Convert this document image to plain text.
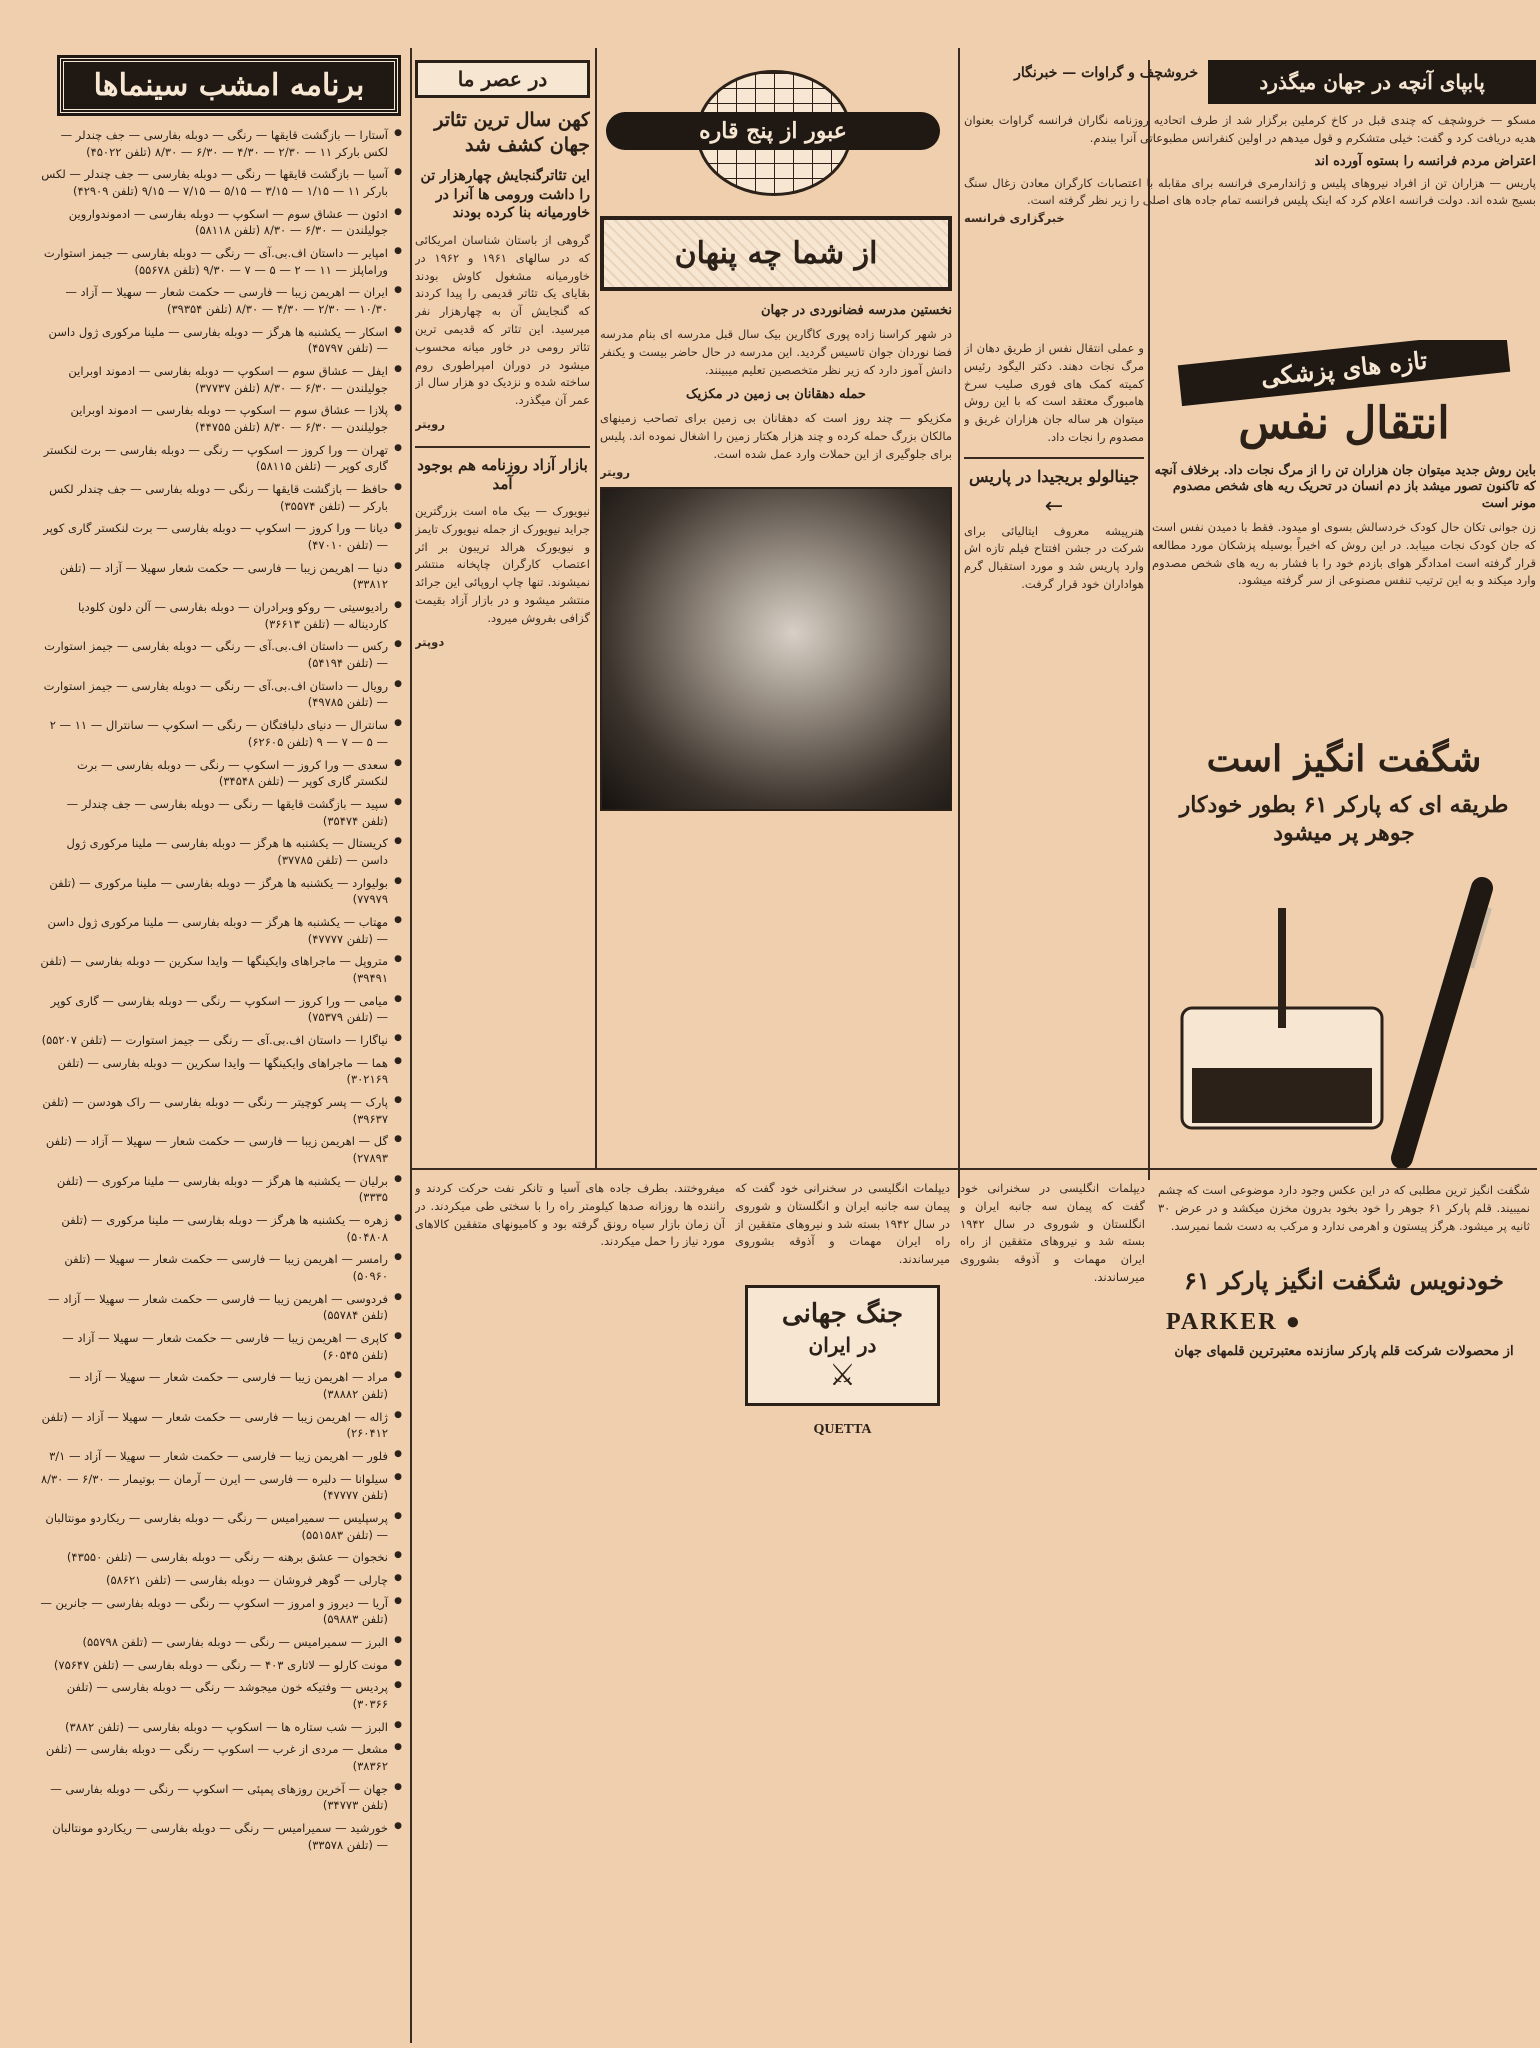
برنامه امشب سینماها
● آستارا — بازگشت قایقها — رنگی — دوبله بفارسی — جف چندلر — لکس بارکر ۱۱ — ۲/۳۰ — ۴/۳۰ — ۶/۳۰ — ۸/۳۰ (تلفن ۴۵۰۲۲)
● آسیا — بازگشت قایقها — رنگی — دوبله بفارسی — جف چندلر — لکس بارکر ۱۱ — ۱/۱۵ — ۳/۱۵ — ۵/۱۵ — ۷/۱۵ — ۹/۱۵ (تلفن ۴۲۹۰۹)
● ادئون — عشاق سوم — اسکوپ — دوبله بفارسی — ادموندواروین جولیلندن — ۶/۳۰ — ۸/۳۰ (تلفن ۵۸۱۱۸)
● امپایر — داستان اف.بی.آی — رنگی — دوبله بفارسی — جیمز استوارت وراماپلز — ۱۱ — ۲ — ۵ — ۷ — ۹/۳۰ (تلفن ۵۵۶۷۸)
● ایران — اهریمن زیبا — فارسی — حکمت شعار — سهیلا — آزاد — ۱۰/۳۰ — ۲/۳۰ — ۴/۳۰ — ۸/۳۰ (تلفن ۳۹۳۵۴)
● اسکار — یکشنبه ها هرگز — دوبله بفارسی — ملینا مرکوری ژول داسن — (تلفن ۴۵۷۹۷)
● ایفل — عشاق سوم — اسکوپ — دوبله بفارسی — ادموند اوبراین جولیلندن — ۶/۳۰ — ۸/۳۰ (تلفن ۳۷۷۳۷)
● پلازا — عشاق سوم — اسکوپ — دوبله بفارسی — ادموند اوبراین جولیلندن — ۶/۳۰ — ۸/۳۰ (تلفن ۴۴۷۵۵)
● تهران — ورا کروز — اسکوپ — رنگی — دوبله بفارسی — برت لنکستر گاری کوپر — (تلفن ۵۸۱۱۵)
● حافظ — بازگشت قایقها — رنگی — دوبله بفارسی — جف چندلر لکس بارکر — (تلفن ۳۵۵۷۴)
● دیانا — ورا کروز — اسکوپ — دوبله بفارسی — برت لنکستر گاری کوپر — (تلفن ۴۷۰۱۰)
● دنیا — اهریمن زیبا — فارسی — حکمت شعار سهیلا — آزاد — (تلفن ۳۳۸۱۲)
● رادیوسیتی — روکو وبرادران — دوبله بفارسی — آلن دلون کلودیا کاردیناله — (تلفن ۳۶۶۱۳)
● رکس — داستان اف.بی.آی — رنگی — دوبله بفارسی — جیمز استوارت — (تلفن ۵۴۱۹۴)
● رویال — داستان اف.بی.آی — رنگی — دوبله بفارسی — جیمز استوارت — (تلفن ۴۹۷۸۵)
● سانترال — دنیای دلبافتگان — رنگی — اسکوپ — سانترال — ۱۱ — ۲ — ۵ — ۷ — ۹ (تلفن ۶۲۶۰۵)
● سعدی — ورا کروز — اسکوپ — رنگی — دوبله بفارسی — برت لنکستر گاری کوپر — (تلفن ۳۴۵۴۸)
● سپید — بازگشت قایقها — رنگی — دوبله بفارسی — جف چندلر — (تلفن ۳۵۴۷۴)
● کریستال — یکشنبه ها هرگز — دوبله بفارسی — ملینا مرکوری ژول داسن — (تلفن ۳۷۷۸۵)
● بولیوارد — یکشنبه ها هرگز — دوبله بفارسی — ملینا مرکوری — (تلفن ۷۷۹۷۹)
● مهتاب — یکشنبه ها هرگز — دوبله بفارسی — ملینا مرکوری ژول داسن — (تلفن ۴۷۷۷۷)
● متروپل — ماجراهای وایکینگها — وایدا سکرین — دوبله بفارسی — (تلفن ۳۹۴۹۱)
● میامی — ورا کروز — اسکوپ — رنگی — دوبله بفارسی — گاری کوپر — (تلفن ۷۵۳۷۹)
● نیاگارا — داستان اف.بی.آی — رنگی — جیمز استوارت — (تلفن ۵۵۲۰۷)
● هما — ماجراهای وایکینگها — وایدا سکرین — دوبله بفارسی — (تلفن ۳۰۲۱۶۹)
● پارک — پسر کوچیتر — رنگی — دوبله بفارسی — راک هودسن — (تلفن ۳۹۶۳۷)
● گل — اهریمن زیبا — فارسی — حکمت شعار — سهیلا — آزاد — (تلفن ۲۷۸۹۳)
● برلیان — یکشنبه ها هرگز — دوبله بفارسی — ملینا مرکوری — (تلفن ۳۳۳۵)
● زهره — یکشنبه ها هرگز — دوبله بفارسی — ملینا مرکوری — (تلفن ۵۰۴۸۰۸)
● رامسر — اهریمن زیبا — فارسی — حکمت شعار — سهیلا — (تلفن ۵۰۹۶۰)
● فردوسی — اهریمن زیبا — فارسی — حکمت شعار — سهیلا — آزاد — (تلفن ۵۵۷۸۴)
● کاپری — اهریمن زیبا — فارسی — حکمت شعار — سهیلا — آزاد — (تلفن ۶۰۵۴۵)
● مراد — اهریمن زیبا — فارسی — حکمت شعار — سهیلا — آزاد — (تلفن ۳۸۸۸۲)
● ژاله — اهریمن زیبا — فارسی — حکمت شعار — سهیلا — آزاد — (تلفن ۲۶۰۴۱۲)
● فلور — اهریمن زیبا — فارسی — حکمت شعار — سهیلا — آزاد — ۳/۱
● سیلوانا — دلبره — فارسی — ایرن — آرمان — بوتیمار — ۶/۳۰ — ۸/۳۰ (تلفن ۴۷۷۷۷)
● پرسپلیس — سمیرامیس — رنگی — دوبله بفارسی — ریکاردو مونتالبان — (تلفن ۵۵۱۵۸۳)
● نخجوان — عشق برهنه — رنگی — دوبله بفارسی — (تلفن ۴۳۵۵۰)
● چارلی — گوهر فروشان — دوبله بفارسی — (تلفن ۵۸۶۲۱)
● آریا — دیروز و امروز — اسکوپ — رنگی — دوبله بفارسی — جانرین — (تلفن ۵۹۸۸۳)
● البرز — سمیرامیس — رنگی — دوبله بفارسی — (تلفن ۵۵۷۹۸)
● مونت کارلو — لاتاری ۴۰۳ — رنگی — دوبله بفارسی — (تلفن ۷۵۶۴۷)
● پردیس — وفتیکه خون میجوشد — رنگی — دوبله بفارسی — (تلفن ۳۰۳۶۶)
● البرز — شب ستاره ها — اسکوپ — دوبله بفارسی — (تلفن ۳۸۸۲)
● مشعل — مردی از غرب — اسکوپ — رنگی — دوبله بفارسی — (تلفن ۳۸۳۶۲)
● جهان — آخرین روزهای پمپئی — اسکوپ — رنگی — دوبله بفارسی — (تلفن ۳۴۷۷۳)
● خورشید — سمیرامیس — رنگی — دوبله بفارسی — ریکاردو مونتالبان — (تلفن ۳۳۵۷۸)
در عصر ما
کهن سال ترین تئاتر جهان کشف شد
این تئاترگنجایش چهارهزار تن را داشت ورومی ها آنرا در خاورمیانه بنا کرده بودند
گروهی از باستان شناسان امریکائی که در سالهای ۱۹۶۱ و ۱۹۶۲ در خاورمیانه مشغول کاوش بودند بقایای یک تئاتر قدیمی را پیدا کردند که گنجایش آن به چهارهزار نفر میرسید. این تئاتر که قدیمی ترین تئاتر رومی در خاور میانه محسوب میشود در دوران امپراطوری روم ساخته شده و نزدیک دو هزار سال از عمر آن میگذرد.
رویتر
بازار آزاد روزنامه هم بوجود آمد
نیویورک — بیک ماه است بزرگترین جراید نیویورک از جمله نیویورک تایمز و نیویورک هرالد تریبون بر اثر اعتصاب کارگران چاپخانه منتشر نمیشوند. تنها چاپ اروپائی این جرائد منتشر میشود و در بازار آزاد بقیمت گزافی بفروش میرود.
دوپتر
عبور از پنج قاره
از شما چه پنهان
نخستین مدرسه فضانوردی در جهان
در شهر کراسنا زاده پوری کاگارین بیک سال قبل مدرسه ای بنام مدرسه فضا نوردان جوان تاسیس گردید. این مدرسه در حال حاضر بیست و یکنفر دانش آموز دارد که زیر نظر متخصصین تعلیم میبینند.
حمله دهقانان بی زمین در مکزیک
مکزیکو — چند روز است که دهقانان بی زمین برای تصاحب زمینهای مالکان بزرگ حمله کرده و چند هزار هکتار زمین را اشغال نموده اند. پلیس برای جلوگیری از این حملات وارد عمل شده است.
رویتر
پابپای آنچه در جهان میگذرد
خروشچف و گراوات — خبرنگار
مسکو — خروشچف که چندی قبل در کاخ کرملین برگزار شد از طرف اتحادیه روزنامه نگاران فرانسه گراوات بعنوان هدیه دریافت کرد و گفت: خیلی متشکرم و قول میدهم در اولین کنفرانس مطبوعاتی آنرا ببندم.
اعتراض مردم فرانسه را بستوه آورده اند
پاریس — هزاران تن از افراد نیروهای پلیس و ژاندارمری فرانسه برای مقابله با اعتصابات کارگران معادن زغال سنگ بسیج شده اند. دولت فرانسه اعلام کرد که اینک پلیس فرانسه تمام جاده های اصلی را زیر نظر گرفته است.
خبرگزاری فرانسه
تازه های پزشکی
انتقال نفس
باین روش جدید میتوان جان هزاران تن را از مرگ نجات داد. برخلاف آنچه که تاکنون تصور میشد باز دم انسان در تحریک ریه های شخص مصدوم مونر است
زن جوانی تکان حال کودک خردسالش بسوی او میدود. فقط با دمیدن نفس است که جان کودک نجات مییابد. در این روش که اخیراً بوسیله پزشکان مورد مطالعه قرار گرفته است امدادگر هوای بازدم خود را با فشار به ریه های شخص مصدوم وارد میکند و به این ترتیب تنفس مصنوعی از سر گرفته میشود.
و عملی انتقال نفس از طریق دهان از مرگ نجات دهند. دکتر الیگود رئیس کمیته کمک های فوری صلیب سرخ هامبورگ معتقد است که با این روش میتوان هر ساله جان هزاران غریق و مصدوم را نجات داد.
جینالولو بریجیدا در پاریس
←
هنرپیشه معروف ایتالیائی برای شرکت در جشن افتتاح فیلم تازه اش وارد پاریس شد و مورد استقبال گرم هواداران خود قرار گرفت.
شگفت انگیز است
طریقه ای که پارکر ۶۱ بطور خودکار جوهر پر میشود
شگفت انگیز ترین مطلبی که در این عکس وجود دارد موضوعی است که چشم نمیبیند. قلم پارکر ۶۱ جوهر را خود بخود بدرون مخزن میکشد و در عرض ۳۰ ثانیه پر میشود. هرگز پیستون و اهرمی ندارد و مرکب به دست شما نمیرسد.
خودنویس شگفت انگیز پارکر ۶۱
● PARKER
از محصولات شرکت قلم پارکر سازنده معتبرترین قلمهای جهان
میفروختند. بطرف جاده های آسیا و تانکر نفت حرکت کردند و راننده ها روزانه صدها کیلومتر راه را با سختی طی میکردند. در آن زمان بازار سیاه رونق گرفته بود و کامیونهای متفقین کالاهای مورد نیاز را حمل میکردند.
دیپلمات انگلیسی در سخنرانی خود گفت که پیمان سه جانبه ایران و انگلستان و شوروی در سال ۱۹۴۲ بسته شد و نیروهای متفقین از راه ایران مهمات و آذوقه بشوروی میرساندند.
جنگ جهانی
در ایران
⚔
QUETTA
دیپلمات انگلیسی در سخنرانی خود گفت که پیمان سه جانبه ایران و انگلستان و شوروی در سال ۱۹۴۲ بسته شد و نیروهای متفقین از راه ایران مهمات و آذوقه بشوروی میرساندند.
